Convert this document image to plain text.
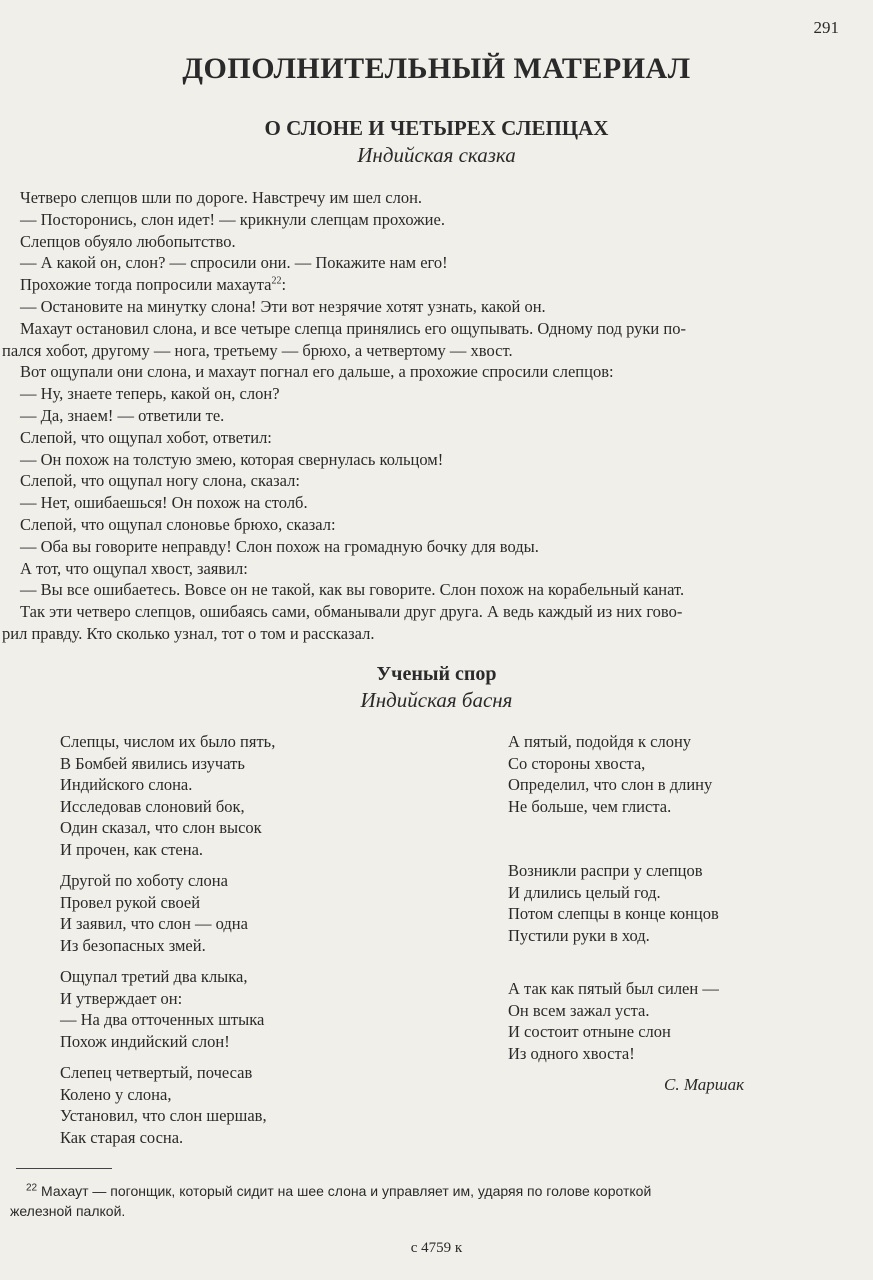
291
ДОПОЛНИТЕЛЬНЫЙ МАТЕРИАЛ
О СЛОНЕ И ЧЕТЫРЕХ СЛЕПЦАХ
Индийская сказка
Четверо слепцов шли по дороге. Навстречу им шел слон.
— Посторонись, слон идет! — крикнули слепцам прохожие.
Слепцов обуяло любопытство.
— А какой он, слон? — спросили они. — Покажите нам его!
Прохожие тогда попросили махаута$^{22}$:
— Остановите на минутку слона! Эти вот незрячие хотят узнать, какой он.
Махаут остановил слона, и все четыре слепца принялись его ощупывать. Одному под руки по-
пался хобот, другому — нога, третьему — брюхо, а четвертому — хвост.
Вот ощупали они слона, и махаут погнал его дальше, а прохожие спросили слепцов:
— Ну, знаете теперь, какой он, слон?
— Да, знаем! — ответили те.
Слепой, что ощупал хобот, ответил:
— Он похож на толстую змею, которая свернулась кольцом!
Слепой, что ощупал ногу слона, сказал:
— Нет, ошибаешься! Он похож на столб.
Слепой, что ощупал слоновье брюхо, сказал:
— Оба вы говорите неправду! Слон похож на громадную бочку для воды.
А тот, что ощупал хвост, заявил:
— Вы все ошибаетесь. Вовсе он не такой, как вы говорите. Слон похож на корабельный канат.
Так эти четверо слепцов, ошибаясь сами, обманывали друг друга. А ведь каждый из них гово-
рил правду. Кто сколько узнал, тот о том и рассказал.
Ученый спор
Индийская басня
Слепцы, числом их было пять,
В Бомбей явились изучать
Индийского слона.
Исследовав слоновий бок,
Один сказал, что слон высок
И прочен, как стена.
Другой по хоботу слона
Провел рукой своей
И заявил, что слон — одна
Из безопасных змей.
Ощупал третий два клыка,
И утверждает он:
— На два отточенных штыка
Похож индийский слон!
Слепец четвертый, почесав
Колено у слона,
Установил, что слон шершав,
Как старая сосна.
А пятый, подойдя к слону
Со стороны хвоста,
Определил, что слон в длину
Не больше, чем глиста.
Возникли распри у слепцов
И длились целый год.
Потом слепцы в конце концов
Пустили руки в ход.
А так как пятый был силен —
Он всем зажал уста.
И состоит отныне слон
Из одного хвоста!
С. Маршак
$^{22}$ Махаут — погонщик, который сидит на шее слона и управляет им, ударяя по голове короткой
железной палкой.
с 4759 к
